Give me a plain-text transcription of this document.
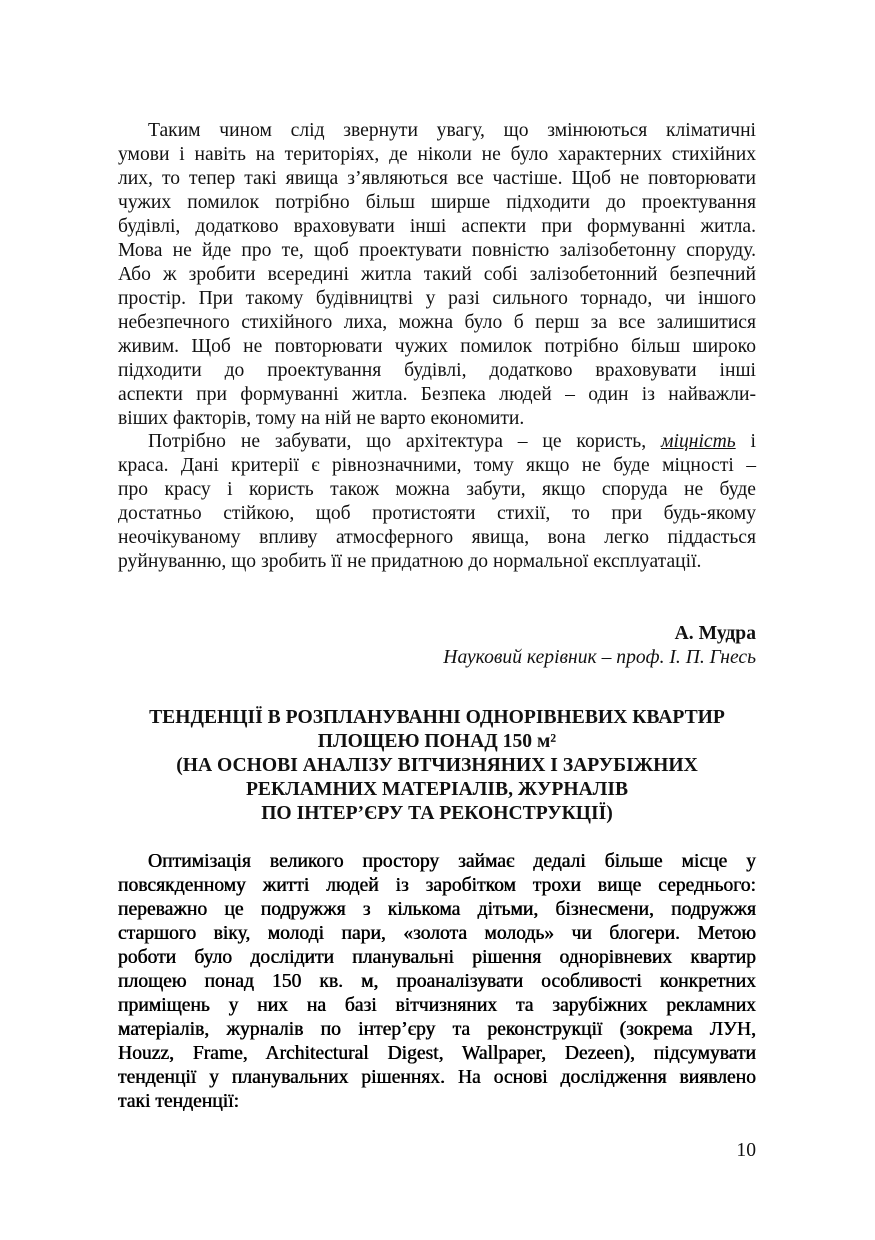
Таким чином слід звернути увагу, що змінюються кліматичні
умови і навіть на територіях, де ніколи не було характерних стихійних
лих, то тепер такі явища з’являються все частіше. Щоб не повторювати
чужих помилок потрібно більш ширше підходити до проектування
будівлі, додатково враховувати інші аспекти при формуванні житла.
Мова не йде про те, щоб проектувати повністю залізобетонну споруду.
Або ж зробити всередині житла такий собі залізобетонний безпечний
простір. При такому будівництві у разі сильного торнадо, чи іншого
небезпечного стихійного лиха, можна було б перш за все залишитися
живим. Щоб не повторювати чужих помилок потрібно більш широко
підходити до проектування будівлі, додатково враховувати інші
аспекти при формуванні житла. Безпека людей – один із найважли-
віших факторів, тому на ній не варто економити.
Потрібно не забувати, що архітектура – це користь, міцність і
краса. Дані критерії є рівнозначними, тому якщо не буде міцності –
про красу і користь також можна забути, якщо споруда не буде
достатньо стійкою, щоб протистояти стихії, то при будь-якому
неочікуваному впливу атмосферного явища, вона легко піддасться
руйнуванню, що зробить її не придатною до нормальної експлуатації.
А. Мудра
Науковий керівник – проф. І. П. Гнесь
ТЕНДЕНЦІЇ В РОЗПЛАНУВАННІ ОДНОРІВНЕВИХ КВАРТИР
ПЛОЩЕЮ ПОНАД 150 м²
(НА ОСНОВІ АНАЛІЗУ ВІТЧИЗНЯНИХ І ЗАРУБІЖНИХ
РЕКЛАМНИХ МАТЕРІАЛІВ, ЖУРНАЛІВ
ПО ІНТЕР’ЄРУ ТА РЕКОНСТРУКЦІЇ)
Оптимізація великого простору займає дедалі більше місце у
повсякденному житті людей із заробітком трохи вище середнього:
переважно це подружжя з кількома дітьми, бізнесмени, подружжя
старшого віку, молоді пари, «золота молодь» чи блогери. Метою
роботи було дослідити планувальні рішення однорівневих квартир
площею понад 150 кв. м, проаналізувати особливості конкретних
приміщень у них на базі вітчизняних та зарубіжних рекламних
матеріалів, журналів по інтер’єру та реконструкції (зокрема ЛУН,
Houzz, Frame, Architectural Digest, Wallpaper, Dezeen), підсумувати
тенденції у планувальних рішеннях. На основі дослідження виявлено
такі тенденції:
10
